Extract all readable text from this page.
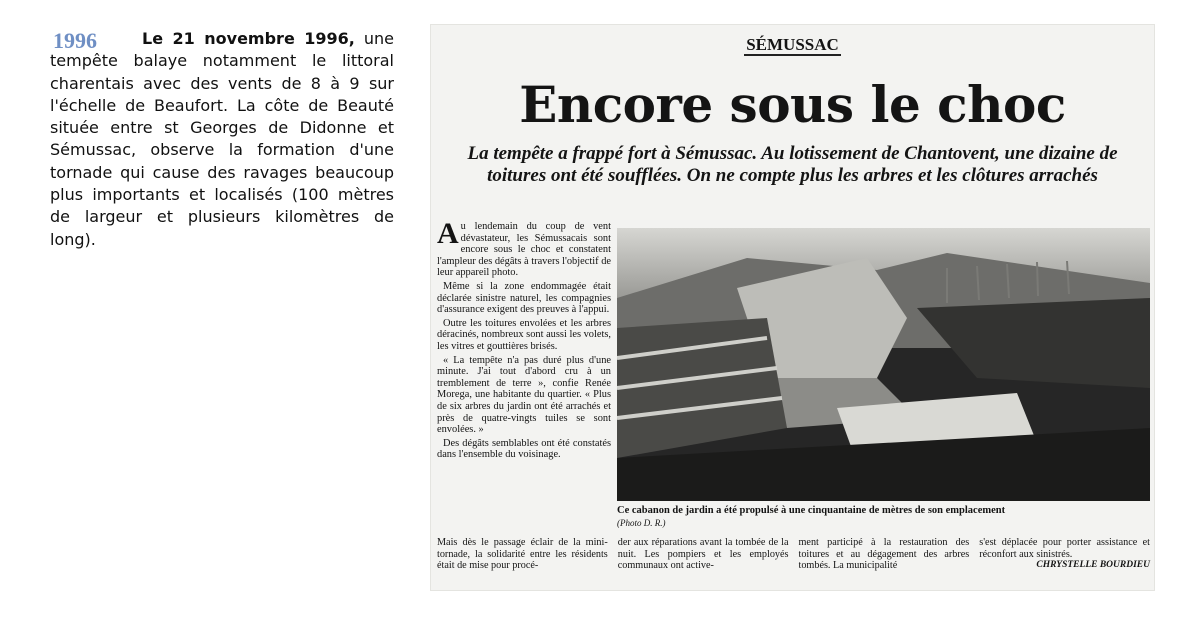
Le 21 novembre 1996, une tempête balaye notamment le littoral charentais avec des vents de 8 à 9 sur l'échelle de Beaufort. La côte de Beauté située entre st Georges de Didonne et Sémussac, observe la formation d'une tornade qui cause des ravages beaucoup plus importants et localisés (100 mètres de largeur et plusieurs kilomètres de long).
1996	SÉMUSSAC
Encore sous le choc
La tempête a frappé fort à Sémussac. Au lotissement de Chantovent, une dizaine de toitures ont été soufflées. On ne compte plus les arbres et les clôtures arrachés

Au lendemain du coup de vent dévastateur, les Sémussacais sont encore sous le choc et constatent l'ampleur des dégâts à travers l'objectif de leur appareil photo.

Même si la zone endommagée était déclarée sinistre naturel, les compagnies d'assurance exigent des preuves à l'appui.

Outre les toitures envolées et les arbres déracinés, nombreux sont aussi les volets, les vitres et gouttières brisés.

« La tempête n'a pas duré plus d'une minute. J'ai tout d'abord cru à un tremblement de terre », confie Renée Morega, une habitante du quartier. « Plus de six arbres du jardin ont été arrachés et près de quatre-vingts tuiles se sont envolées. »

Des dégâts semblables ont été constatés dans l'ensemble du voisinage.

Ce cabanon de jardin a été propulsé à une cinquantaine de mètres de son emplacement
(Photo D. R.)

Mais dès le passage éclair de la mini-tornade, la solidarité entre les résidents était de mise pour procé-

der aux réparations avant la tombée de la nuit. Les pompiers et les employés communaux ont active-

ment participé à la restauration des toitures et au dégagement des arbres tombés. La municipalité

s'est déplacée pour porter assistance et réconfort aux sinistrés.
CHRYSTELLE BOURDIEU
